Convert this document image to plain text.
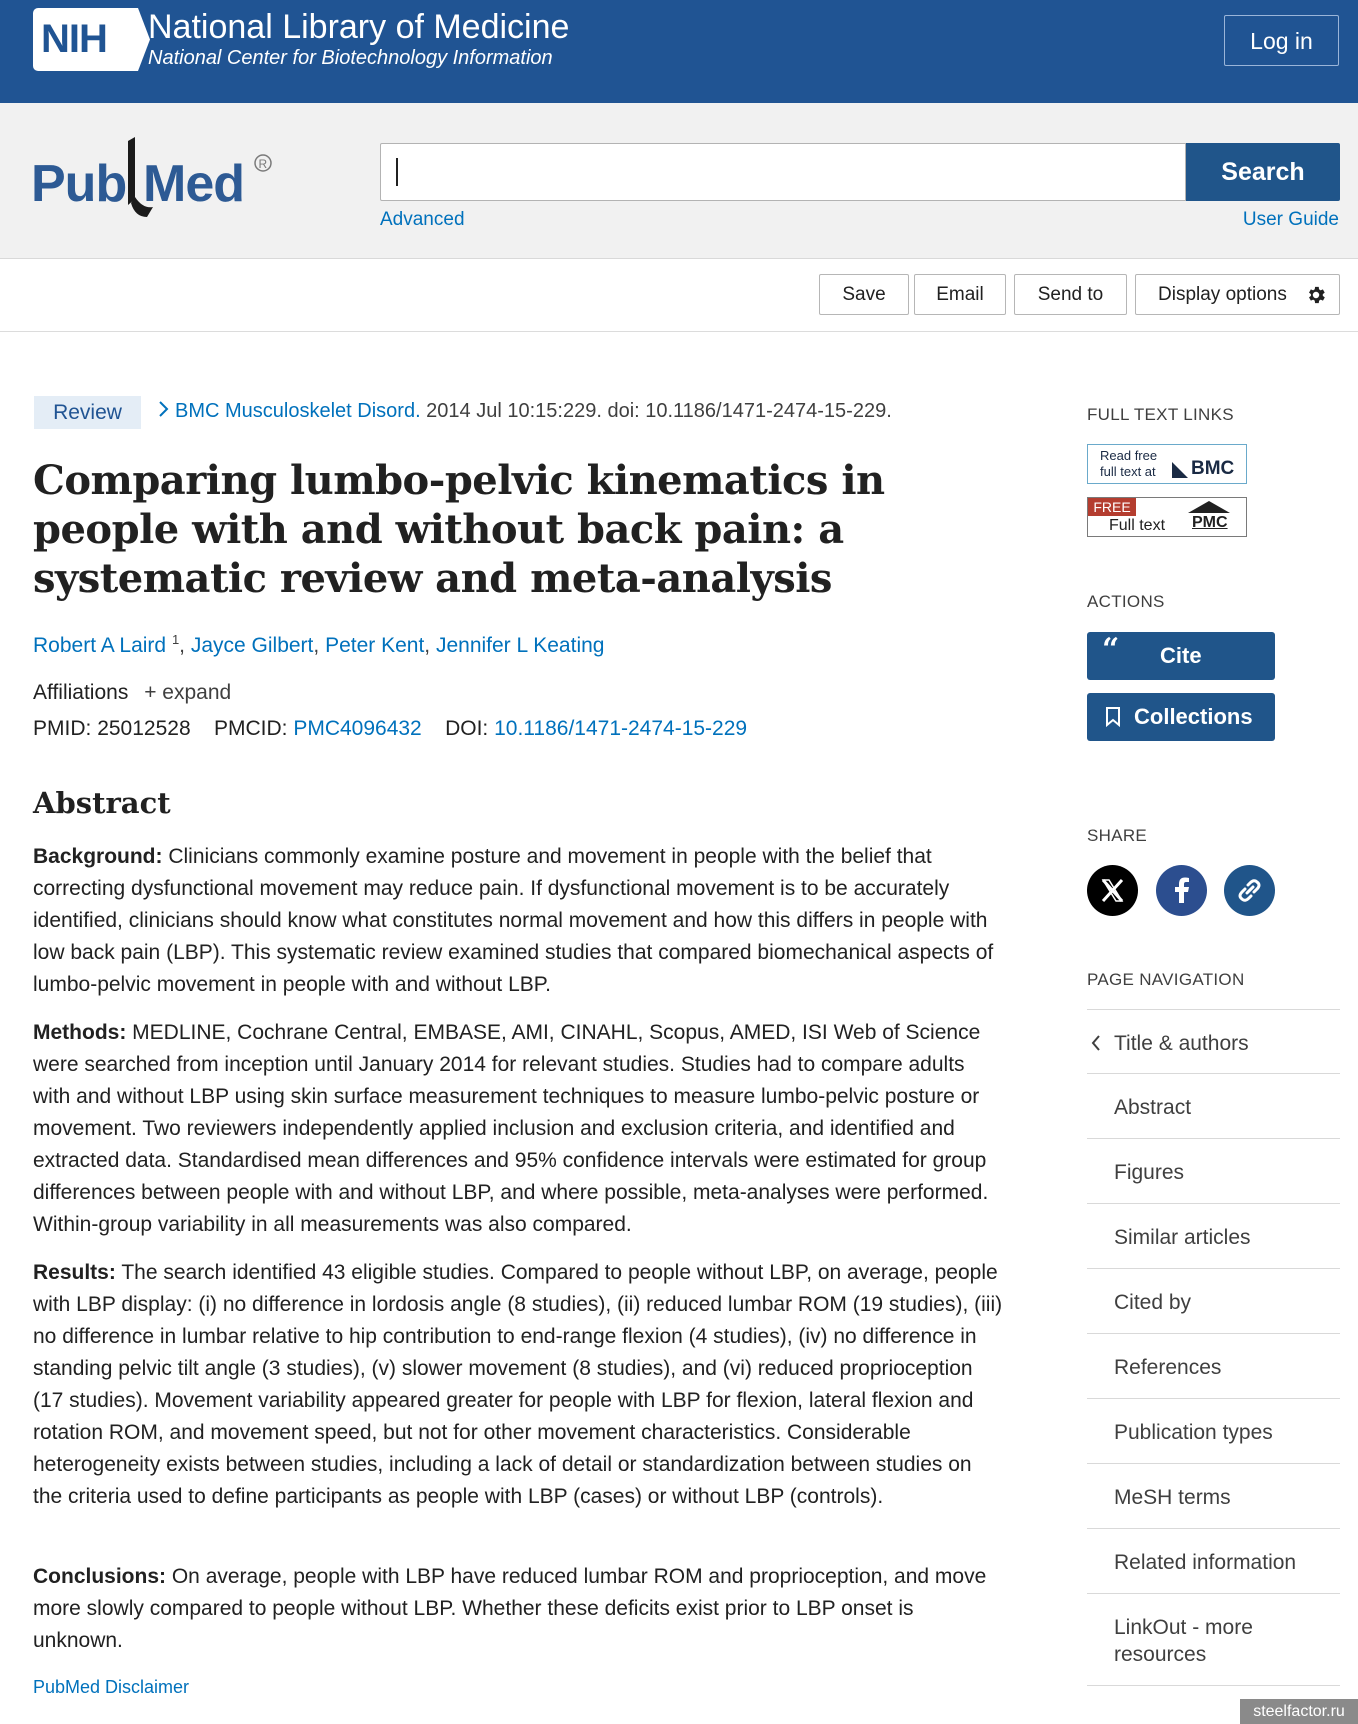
NIH National Library of Medicine
National Center for Biotechnology Information
Log in
Pub Med R	Search
Advanced	User Guide
Save	Email	Send to	Display options
Review	BMC Musculoskelet Disord. 2014 Jul 10:15:229. doi: 10.1186/1471-2474-15-229.
Comparing lumbo-pelvic kinematics in people with and without back pain: a systematic review and meta-analysis
Robert A Laird $^1$, Jayce Gilbert, Peter Kent, Jennifer L Keating
Affiliations + expand
PMID: 25012528 PMCID: PMC4096432 DOI: 10.1186/1471-2474-15-229
Abstract

Background: Clinicians commonly examine posture and movement in people with the belief that correcting dysfunctional movement may reduce pain. If dysfunctional movement is to be accurately identified, clinicians should know what constitutes normal movement and how this differs in people with low back pain (LBP). This systematic review examined studies that compared biomechanical aspects of lumbo-pelvic movement in people with and without LBP.

Methods: MEDLINE, Cochrane Central, EMBASE, AMI, CINAHL, Scopus, AMED, ISI Web of Science were searched from inception until January 2014 for relevant studies. Studies had to compare adults with and without LBP using skin surface measurement techniques to measure lumbo-pelvic posture or movement. Two reviewers independently applied inclusion and exclusion criteria, and identified and extracted data. Standardised mean differences and 95% confidence intervals were estimated for group differences between people with and without LBP, and where possible, meta-analyses were performed. Within-group variability in all measurements was also compared.

Results: The search identified 43 eligible studies. Compared to people without LBP, on average, people with LBP display: (i) no difference in lordosis angle (8 studies), (ii) reduced lumbar ROM (19 studies), (iii) no difference in lumbar relative to hip contribution to end-range flexion (4 studies), (iv) no difference in standing pelvic tilt angle (3 studies), (v) slower movement (8 studies), and (vi) reduced proprioception (17 studies). Movement variability appeared greater for people with LBP for flexion, lateral flexion and rotation ROM, and movement speed, but not for other movement characteristics. Considerable heterogeneity exists between studies, including a lack of detail or standardization between studies on the criteria used to define participants as people with LBP (cases) or without LBP (controls).

Conclusions: On average, people with LBP have reduced lumbar ROM and proprioception, and move more slowly compared to people without LBP. Whether these deficits exist prior to LBP onset is unknown.

PubMed Disclaimer
FULL TEXT LINKS
Read free
full text at BMC
FREE
Full text PMC
ACTIONS
“ Cite
Collections
SHARE
PAGE NAVIGATION
Title & authors
Abstract
Figures
Similar articles
Cited by
References
Publication types
MeSH terms
Related information
LinkOut - more resources
steelfactor.ru
